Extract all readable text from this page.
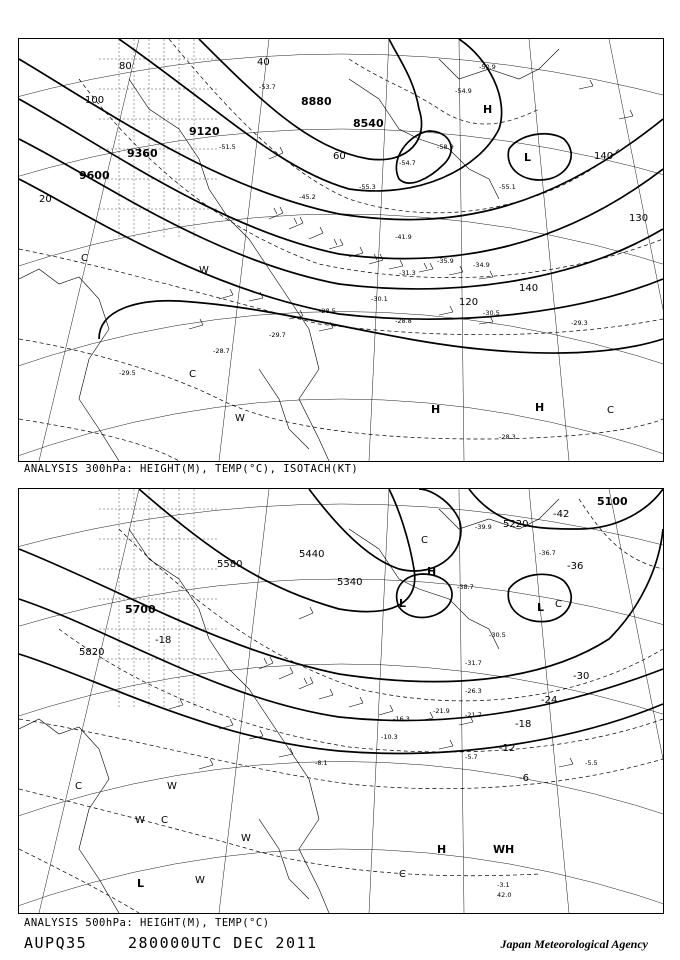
8880
8540
9120
9360
9600
20
40
60
80
100
120
140
130
140
H
L
H	H	C
C
W
W
C
-53.7
-54.7
-55.3
-51.5
-45.2
-41.9
-35.9
-30.1
-28.5
-29.7
-29.5
-28.7
-28.8
-30.5
-29.3
-28.3
-58.9
-55.1
-54.9
-50.9
-31.3
-34.9
ANALYSIS 300hPa: HEIGHT(M), TEMP(°C), ISOTACH(KT)
5100
5220
5340
5440
5580
5700
5820
-42
-36
-30
-24
-18
-12
-6
-18
H
L	L C
C
H	W H
C
L	W
C
W
W
W
C
-39.9
-36.7
-38.7
-30.5
-31.7
-26.3
-21.7
-21.9
-16.3
-10.3
-5.7
-5.5
-8.1
-3.1
42.0
ANALYSIS 500hPa: HEIGHT(M), TEMP(°C)
AUPQ35	280000UTC DEC 2011	Japan Meteorological Agency
